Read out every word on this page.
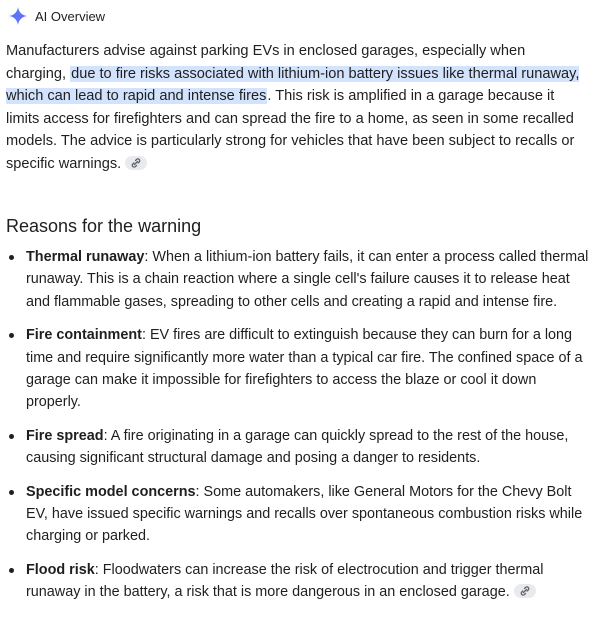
AI Overview

Manufacturers advise against parking EVs in enclosed garages, especially when charging, due to fire risks associated with lithium-ion battery issues like thermal runaway, which can lead to rapid and intense fires. This risk is amplified in a garage because it limits access for firefighters and can spread the fire to a home, as seen in some recalled models. The advice is particularly strong for vehicles that have been subject to recalls or specific warnings.

Reasons for the warning
Thermal runaway: When a lithium-ion battery fails, it can enter a process called thermal runaway. This is a chain reaction where a single cell's failure causes it to release heat and flammable gases, spreading to other cells and creating a rapid and intense fire.
Fire containment: EV fires are difficult to extinguish because they can burn for a long time and require significantly more water than a typical car fire. The confined space of a garage can make it impossible for firefighters to access the blaze or cool it down properly.
Fire spread: A fire originating in a garage can quickly spread to the rest of the house, causing significant structural damage and posing a danger to residents.
Specific model concerns: Some automakers, like General Motors for the Chevy Bolt EV, have issued specific warnings and recalls over spontaneous combustion risks while charging or parked.
Flood risk: Floodwaters can increase the risk of electrocution and trigger thermal runaway in the battery, a risk that is more dangerous in an enclosed garage.
